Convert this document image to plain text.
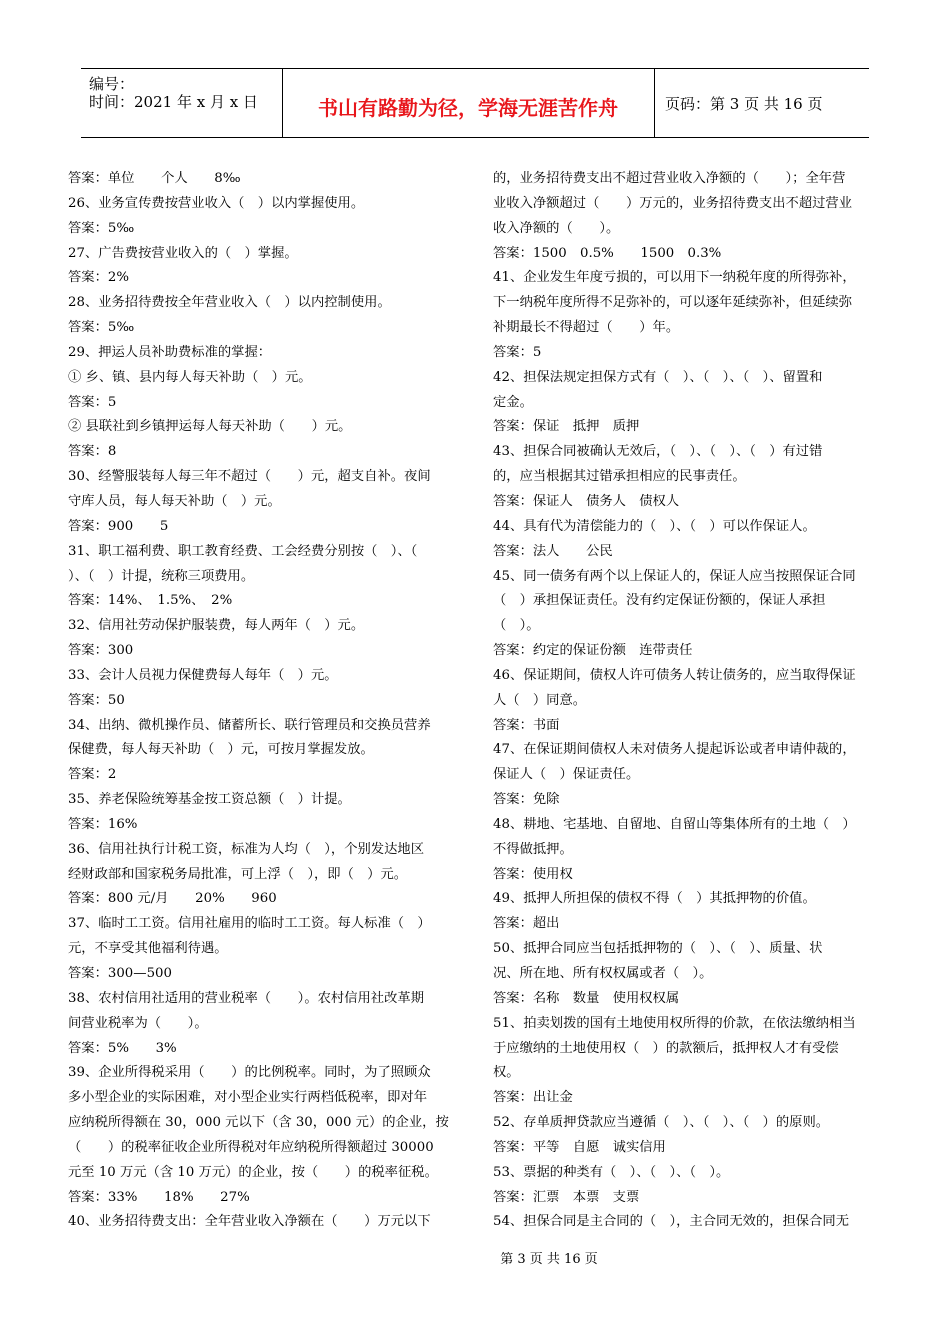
编号：
时间：2021 年 x 月 x 日	书山有路勤为径，学海无涯苦作舟	页码：第 3 页 共 16 页
答案：单位　　个人　　8‰
26、业务宣传费按营业收入（　）以内掌握使用。
答案：5‰
27、广告费按营业收入的（　）掌握。
答案：2%
28、业务招待费按全年营业收入（　）以内控制使用。
答案：5‰
29、押运人员补助费标准的掌握：
① 乡、镇、县内每人每天补助（　）元。
答案：5
② 县联社到乡镇押运每人每天补助（　　）元。
答案：8
30、经警服装每人每三年不超过（　　）元，超支自补。夜间
守库人员，每人每天补助（　）元。
答案：900　　5
31、职工福利费、职工教育经费、工会经费分别按（　）、（
）、（　）计提，统称三项费用。
答案：14%、　1.5%、　2%
32、信用社劳动保护服装费，每人两年（　）元。
答案：300
33、会计人员视力保健费每人每年（　）元。
答案：50
34、出纳、微机操作员、储蓄所长、联行管理员和交换员营养
保健费，每人每天补助（　）元，可按月掌握发放。
答案：2
35、养老保险统筹基金按工资总额（　）计提。
答案：16%
36、信用社执行计税工资，标准为人均（　），个别发达地区
经财政部和国家税务局批准，可上浮（　），即（　）元。
答案：800 元/月　　20%　　960
37、临时工工资。信用社雇用的临时工工资。每人标准（　）
元，不享受其他福利待遇。
答案：300—500
38、农村信用社适用的营业税率（　　）。农村信用社改革期
间营业税率为（　　）。
答案：5%　　3%
39、企业所得税采用（　　）的比例税率。同时，为了照顾众
多小型企业的实际困难，对小型企业实行两档低税率，即对年
应纳税所得额在 30，000 元以下（含 30，000 元）的企业，按
（　　）的税率征收企业所得税对年应纳税所得额超过 30000
元至 10 万元（含 10 万元）的企业，按（　　）的税率征税。
答案：33%　　18%　　27%
40、业务招待费支出：全年营业收入净额在（　　）万元以下
的，业务招待费支出不超过营业收入净额的（　　）；全年营
业收入净额超过（　　）万元的，业务招待费支出不超过营业
收入净额的（　　）。
答案：1500　0.5%　　1500　0.3%
41、企业发生年度亏损的，可以用下一纳税年度的所得弥补，
下一纳税年度所得不足弥补的，可以逐年延续弥补，但延续弥
补期最长不得超过（　　）年。
答案：5
42、担保法规定担保方式有（　）、（　）、（　）、留置和
定金。
答案：保证　抵押　质押
43、担保合同被确认无效后，（　）、（　）、（　）有过错
的，应当根据其过错承担相应的民事责任。
答案：保证人　债务人　债权人
44、具有代为清偿能力的（　）、（　）可以作保证人。
答案：法人　　公民
45、同一债务有两个以上保证人的，保证人应当按照保证合同
（　）承担保证责任。没有约定保证份额的，保证人承担
（　）。
答案：约定的保证份额　连带责任
46、保证期间，债权人许可债务人转让债务的，应当取得保证
人（　）同意。
答案：书面
47、在保证期间债权人未对债务人提起诉讼或者申请仲裁的，
保证人（　）保证责任。
答案：免除
48、耕地、宅基地、自留地、自留山等集体所有的土地（　）
不得做抵押。
答案：使用权
49、抵押人所担保的债权不得（　）其抵押物的价值。
答案：超出
50、抵押合同应当包括抵押物的（　）、（　）、质量、状
况、所在地、所有权权属或者（　）。
答案：名称　数量　使用权权属
51、拍卖划拨的国有土地使用权所得的价款，在依法缴纳相当
于应缴纳的土地使用权（　）的款额后，抵押权人才有受偿
权。
答案：出让金
52、存单质押贷款应当遵循（　）、（　）、（　）的原则。
答案：平等　自愿　诚实信用
53、票据的种类有（　）、（　）、（　）。
答案：汇票　本票　支票
54、担保合同是主合同的（　），主合同无效的，担保合同无
第 3 页 共 16 页
